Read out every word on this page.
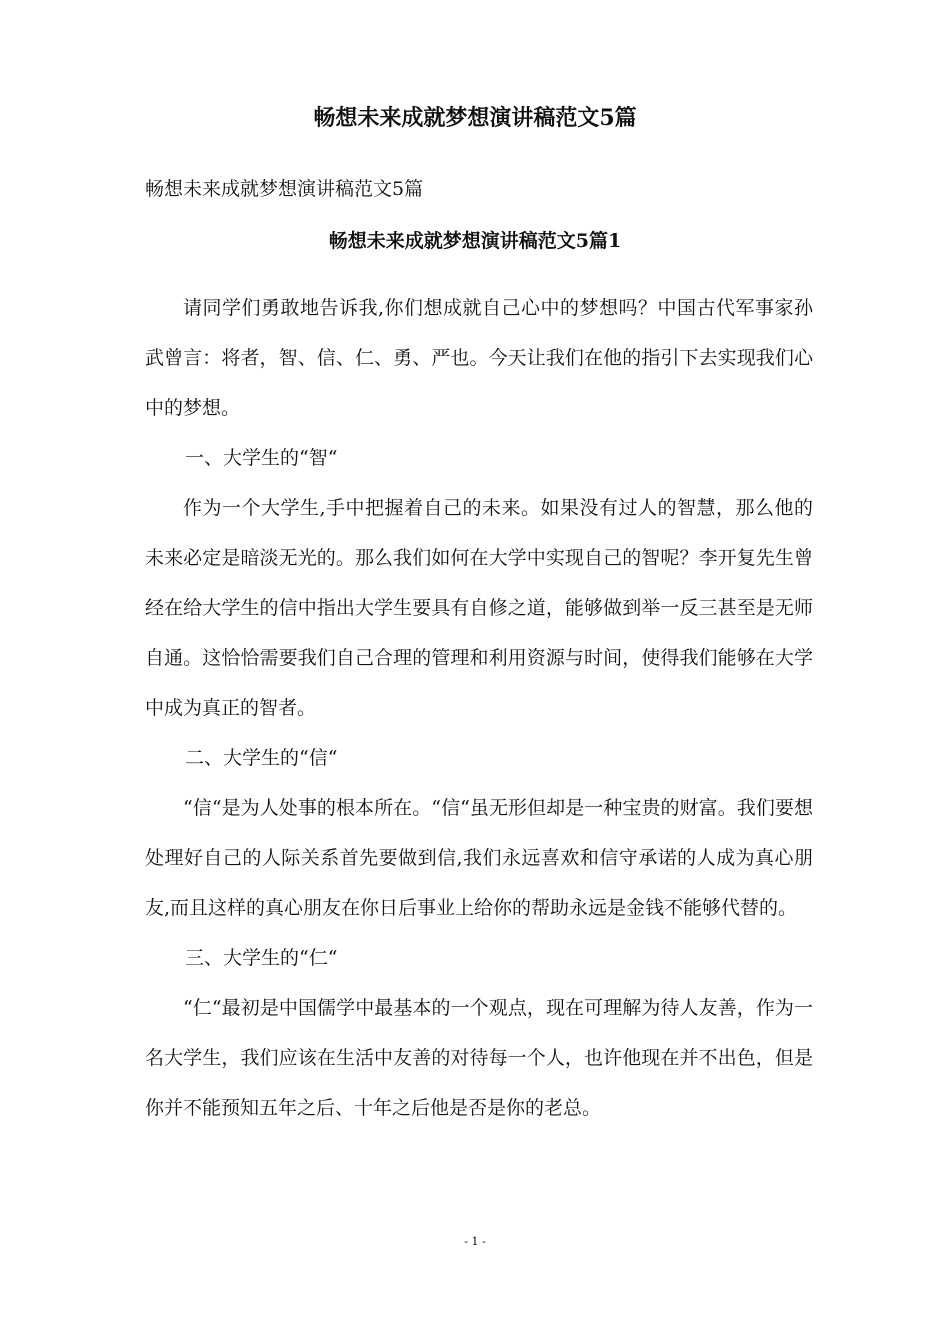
畅想未来成就梦想演讲稿范文5篇

畅想未来成就梦想演讲稿范文5篇

畅想未来成就梦想演讲稿范文5篇1

请同学们勇敢地告诉我,你们想成就自己心中的梦想吗？中国古代军事家孙武曾言：将者，智、信、仁、勇、严也。今天让我们在他的指引下去实现我们心中的梦想。

一、大学生的“智“

作为一个大学生,手中把握着自己的未来。如果没有过人的智慧，那么他的未来必定是暗淡无光的。那么我们如何在大学中实现自己的智呢？李开复先生曾经在给大学生的信中指出大学生要具有自修之道，能够做到举一反三甚至是无师自通。这恰恰需要我们自己合理的管理和利用资源与时间，使得我们能够在大学中成为真正的智者。

二、大学生的“信“

“信“是为人处事的根本所在。“信“虽无形但却是一种宝贵的财富。我们要想处理好自己的人际关系首先要做到信,我们永远喜欢和信守承诺的人成为真心朋友,而且这样的真心朋友在你日后事业上给你的帮助永远是金钱不能够代替的。

三、大学生的“仁“

“仁“最初是中国儒学中最基本的一个观点，现在可理解为待人友善，作为一名大学生，我们应该在生活中友善的对待每一个人，也许他现在并不出色，但是你并不能预知五年之后、十年之后他是否是你的老总。

- 1 -
